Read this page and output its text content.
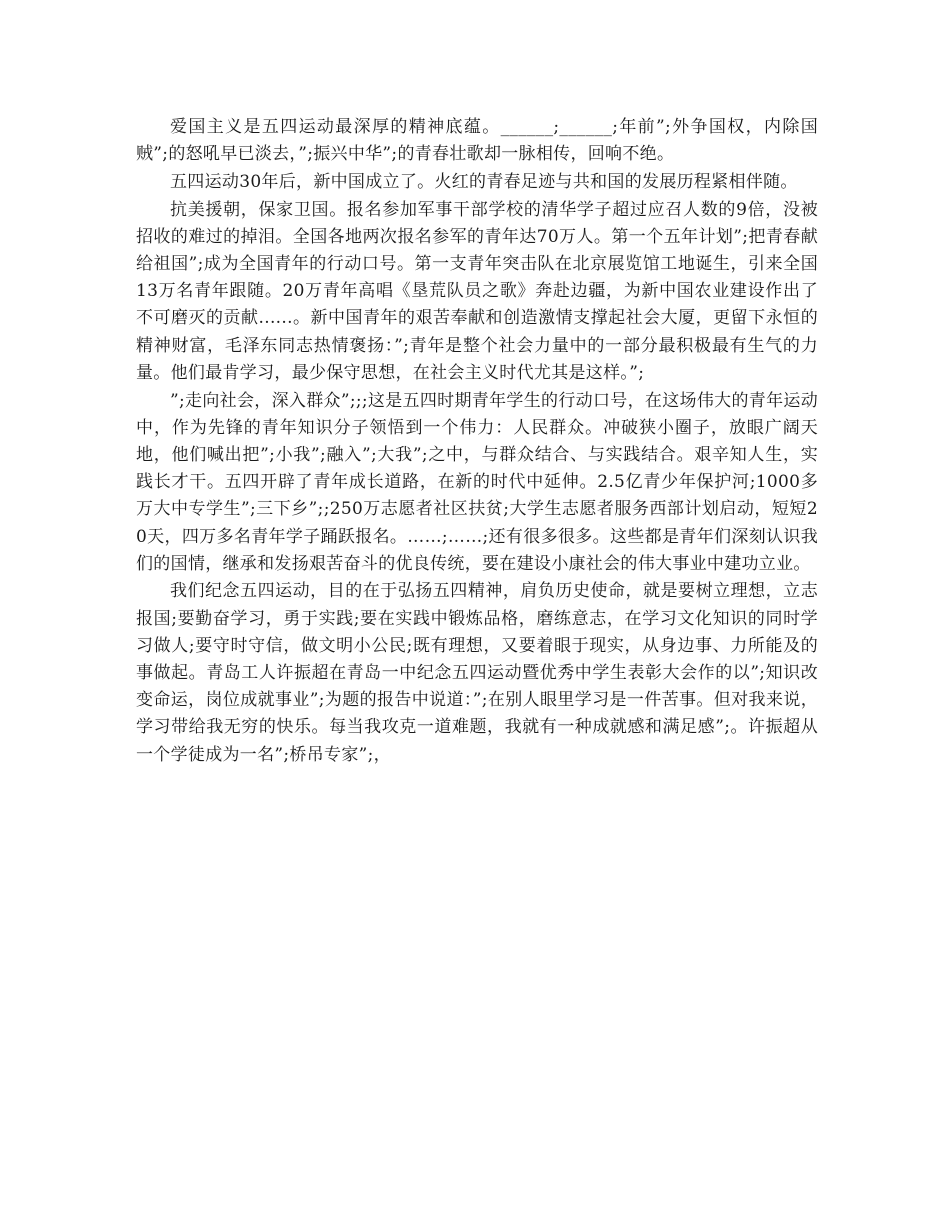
爱国主义是五四运动最深厚的精神底蕴。______;______;年前”;外争国权，内除国贼”;的怒吼早已淡去，”;振兴中华”;的青春壮歌却一脉相传，回响不绝。

五四运动30年后，新中国成立了。火红的青春足迹与共和国的发展历程紧相伴随。

抗美援朝，保家卫国。报名参加军事干部学校的清华学子超过应召人数的9倍，没被招收的难过的掉泪。全国各地两次报名参军的青年达70万人。第一个五年计划”;把青春献给祖国”;成为全国青年的行动口号。第一支青年突击队在北京展览馆工地诞生，引来全国13万名青年跟随。20万青年高唱《垦荒队员之歌》奔赴边疆，为新中国农业建设作出了不可磨灭的贡献......。新中国青年的艰苦奉献和创造激情支撑起社会大厦，更留下永恒的精神财富，毛泽东同志热情褒扬：”;青年是整个社会力量中的一部分最积极最有生气的力量。他们最肯学习，最少保守思想，在社会主义时代尤其是这样。”;

”;走向社会，深入群众”;;;这是五四时期青年学生的行动口号，在这场伟大的青年运动中，作为先锋的青年知识分子领悟到一个伟力：人民群众。冲破狭小圈子，放眼广阔天地，他们喊出把”;小我”;融入”;大我”;之中，与群众结合、与实践结合。艰辛知人生，实践长才干。五四开辟了青年成长道路，在新的时代中延伸。2.5亿青少年保护河;1000多万大中专学生”;三下乡”;;250万志愿者社区扶贫;大学生志愿者服务西部计划启动，短短20天，四万多名青年学子踊跃报名。……;……;还有很多很多。这些都是青年们深刻认识我们的国情，继承和发扬艰苦奋斗的优良传统，要在建设小康社会的伟大事业中建功立业。

我们纪念五四运动，目的在于弘扬五四精神，肩负历史使命，就是要树立理想，立志报国;要勤奋学习，勇于实践;要在实践中锻炼品格，磨练意志，在学习文化知识的同时学习做人;要守时守信，做文明小公民;既有理想，又要着眼于现实，从身边事、力所能及的事做起。青岛工人许振超在青岛一中纪念五四运动暨优秀中学生表彰大会作的以”;知识改变命运，岗位成就事业”;为题的报告中说道：”;在别人眼里学习是一件苦事。但对我来说，学习带给我无穷的快乐。每当我攻克一道难题，我就有一种成就感和满足感”;。许振超从一个学徒成为一名”;桥吊专家”;，
